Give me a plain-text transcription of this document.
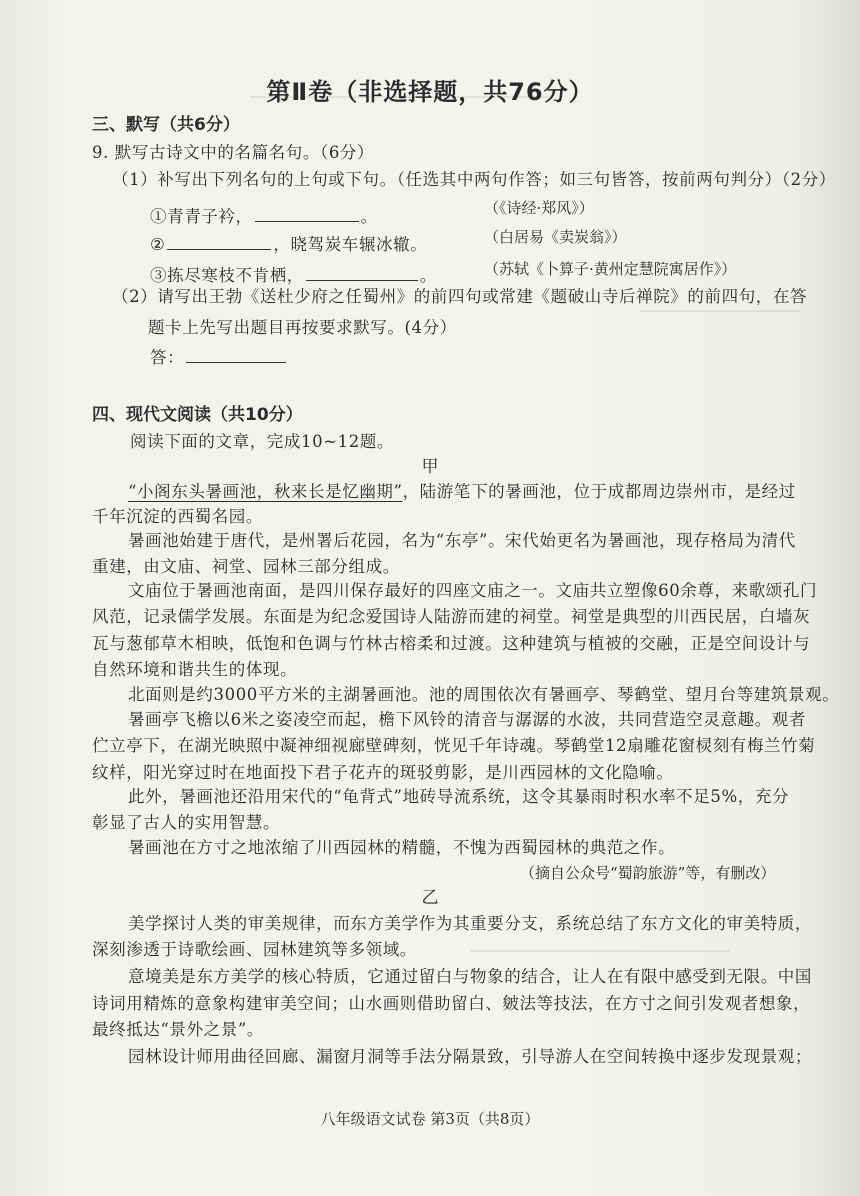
第Ⅱ卷（非选择题，共76分）
三、默写（共6分）
9. 默写古诗文中的名篇名句。（6分）
（1）补写出下列名句的上句或下句。（任选其中两句作答；如三句皆答，按前两句判分）（2分）
①青青子衿，	。	（《诗经·郑风》）
②	，晓驾炭车辗冰辙。	（白居易《卖炭翁》）
③拣尽寒枝不肯栖，	。	（苏轼《卜算子·黄州定慧院寓居作》）
（2）请写出王勃《送杜少府之任蜀州》的前四句或常建《题破山寺后禅院》的前四句，在答
题卡上先写出题目再按要求默写。(4分）
答：
四、现代文阅读（共10分）
阅读下面的文章，完成10~12题。
甲
“小阁东头暑画池，秋来长是忆幽期”，陆游笔下的暑画池，位于成都周边崇州市，是经过
千年沉淀的西蜀名园。
暑画池始建于唐代，是州署后花园，名为“东亭”。宋代始更名为暑画池，现存格局为清代
重建，由文庙、祠堂、园林三部分组成。
文庙位于暑画池南面，是四川保存最好的四座文庙之一。文庙共立塑像60余尊，来歌颂孔门
风范，记录儒学发展。东面是为纪念爱国诗人陆游而建的祠堂。祠堂是典型的川西民居，白墙灰
瓦与葱郁草木相映，低饱和色调与竹林古榕柔和过渡。这种建筑与植被的交融，正是空间设计与
自然环境和谐共生的体现。
北面则是约3000平方米的主湖暑画池。池的周围依次有暑画亭、琴鹤堂、望月台等建筑景观。
暑画亭飞檐以6米之姿凌空而起，檐下风铃的清音与潺潺的水波，共同营造空灵意趣。观者
伫立亭下，在湖光映照中凝神细视廊壁碑刻，恍见千年诗魂。琴鹤堂12扇雕花窗棂刻有梅兰竹菊
纹样，阳光穿过时在地面投下君子花卉的斑驳剪影，是川西园林的文化隐喻。
此外，暑画池还沿用宋代的“龟背式”地砖导流系统，这令其暴雨时积水率不足5%，充分
彰显了古人的实用智慧。
暑画池在方寸之地浓缩了川西园林的精髓，不愧为西蜀园林的典范之作。
（摘自公众号“蜀韵旅游”等，有删改）
乙
美学探讨人类的审美规律，而东方美学作为其重要分支，系统总结了东方文化的审美特质，
深刻渗透于诗歌绘画、园林建筑等多领域。
意境美是东方美学的核心特质，它通过留白与物象的结合，让人在有限中感受到无限。中国
诗词用精炼的意象构建审美空间；山水画则借助留白、皴法等技法，在方寸之间引发观者想象，
最终抵达“景外之景”。
园林设计师用曲径回廊、漏窗月洞等手法分隔景致，引导游人在空间转换中逐步发现景观；
八年级语文试卷 第3页（共8页）
